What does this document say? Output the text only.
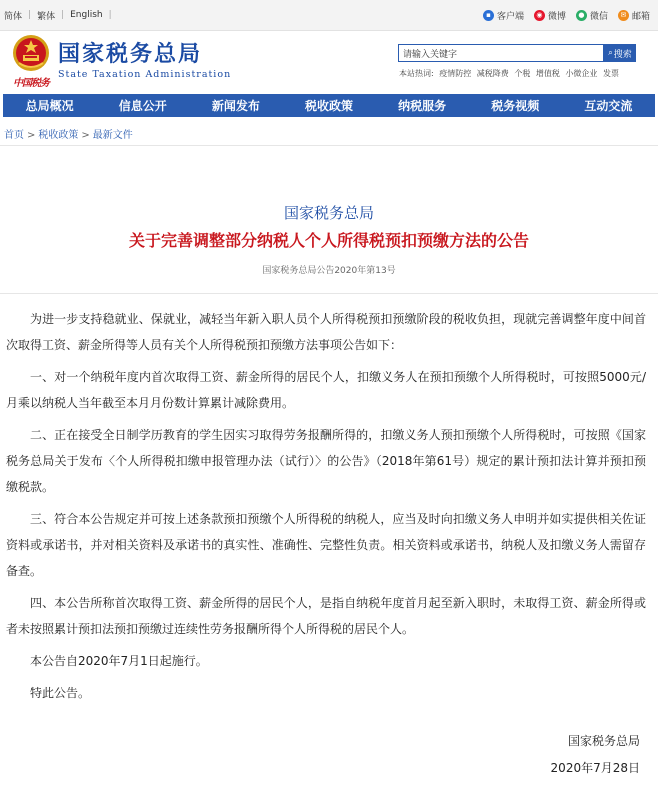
简体 | 繁体 | English |	▪ 客户端	◉ 微博	● 微信	✉ 邮箱
中国税务
国家税务总局
State Taxation Administration
请输入关键字
⌕ 搜索
本站热词: 疫情防控 减税降费 个税 增值税 小微企业 发票
总局概况	信息公开	新闻发布	税收政策	纳税服务	税务视频	互动交流
首页 > 税收政策 > 最新文件
国家税务总局
关于完善调整部分纳税人个人所得税预扣预缴方法的公告
国家税务总局公告2020年第13号

为进一步支持稳就业、保就业，减轻当年新入职人员个人所得税预扣预缴阶段的税收负担，现就完善调整年度中间首次取得工资、薪金所得等人员有关个人所得税预扣预缴方法事项公告如下：

一、对一个纳税年度内首次取得工资、薪金所得的居民个人，扣缴义务人在预扣预缴个人所得税时，可按照5000元/月乘以纳税人当年截至本月月份数计算累计减除费用。

二、正在接受全日制学历教育的学生因实习取得劳务报酬所得的，扣缴义务人预扣预缴个人所得税时，可按照《国家税务总局关于发布〈个人所得税扣缴申报管理办法（试行）〉的公告》（2018年第61号）规定的累计预扣法计算并预扣预缴税款。

三、符合本公告规定并可按上述条款预扣预缴个人所得税的纳税人，应当及时向扣缴义务人申明并如实提供相关佐证资料或承诺书，并对相关资料及承诺书的真实性、准确性、完整性负责。相关资料或承诺书，纳税人及扣缴义务人需留存备查。

四、本公告所称首次取得工资、薪金所得的居民个人，是指自纳税年度首月起至新入职时，未取得工资、薪金所得或者未按照累计预扣法预扣预缴过连续性劳务报酬所得个人所得税的居民个人。

本公告自2020年7月1日起施行。

特此公告。

国家税务总局
2020年7月28日
